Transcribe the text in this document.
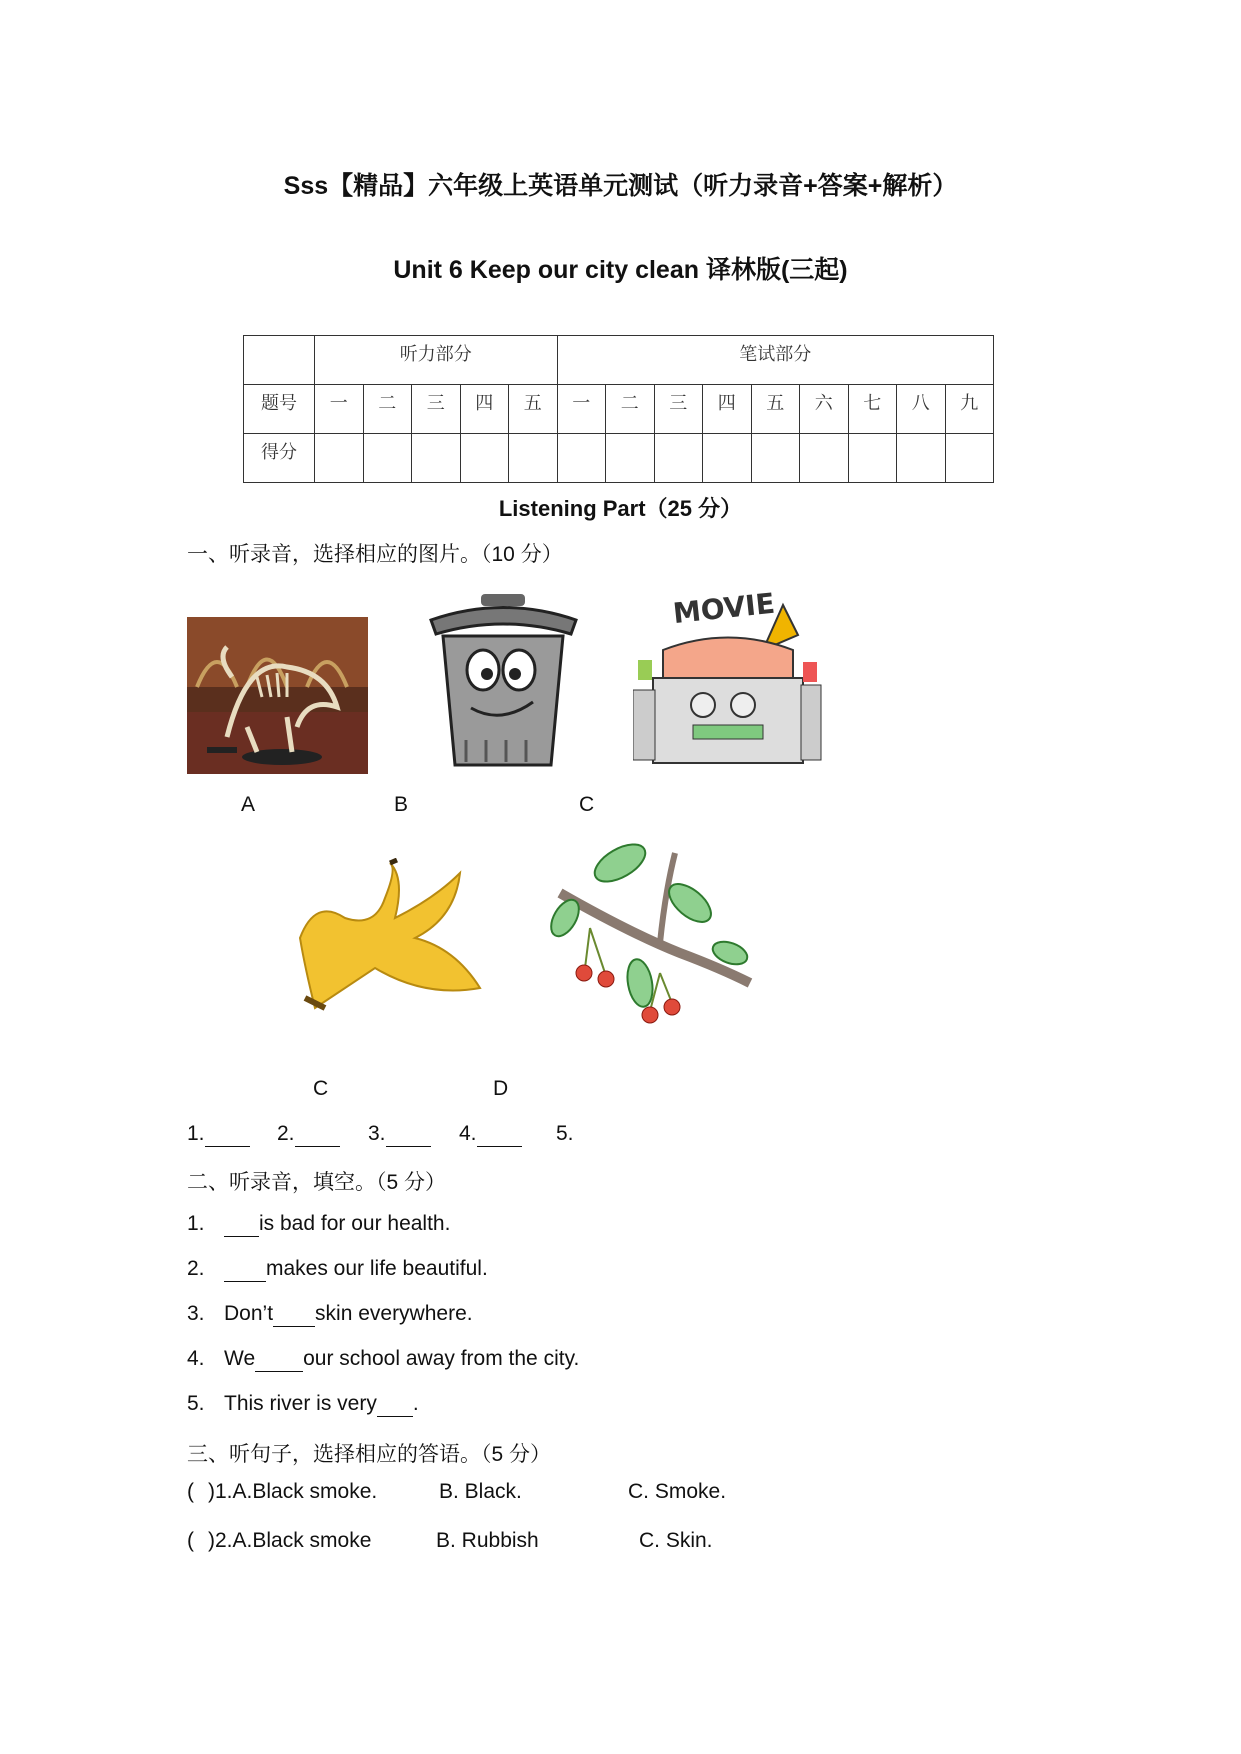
Sss【精品】六年级上英语单元测试（听力录音+答案+解析）
Unit 6 Keep our city clean 译林版(三起)
	听力部分					笔试部分								
题号	一	二	三	四	五	一	二	三	四	五	六	七	八	九
得分														
Listening Part（25 分）
一、听录音，选择相应的图片。（10 分）
MOVIE
A	B	C
C	D
1.	2.	3.	4.	5.
二、听录音，填空。（5 分）
1.	is bad for our health.
2.	makes our life beautiful.
3. Don’t skin everywhere.
4. We our school away from the city.
5. This river is very .
三、听句子，选择相应的答语。（5 分）
( )1.A.Black smoke.	B. Black.	C. Smoke.
( )2.A.Black smoke	B. Rubbish	C. Skin.
